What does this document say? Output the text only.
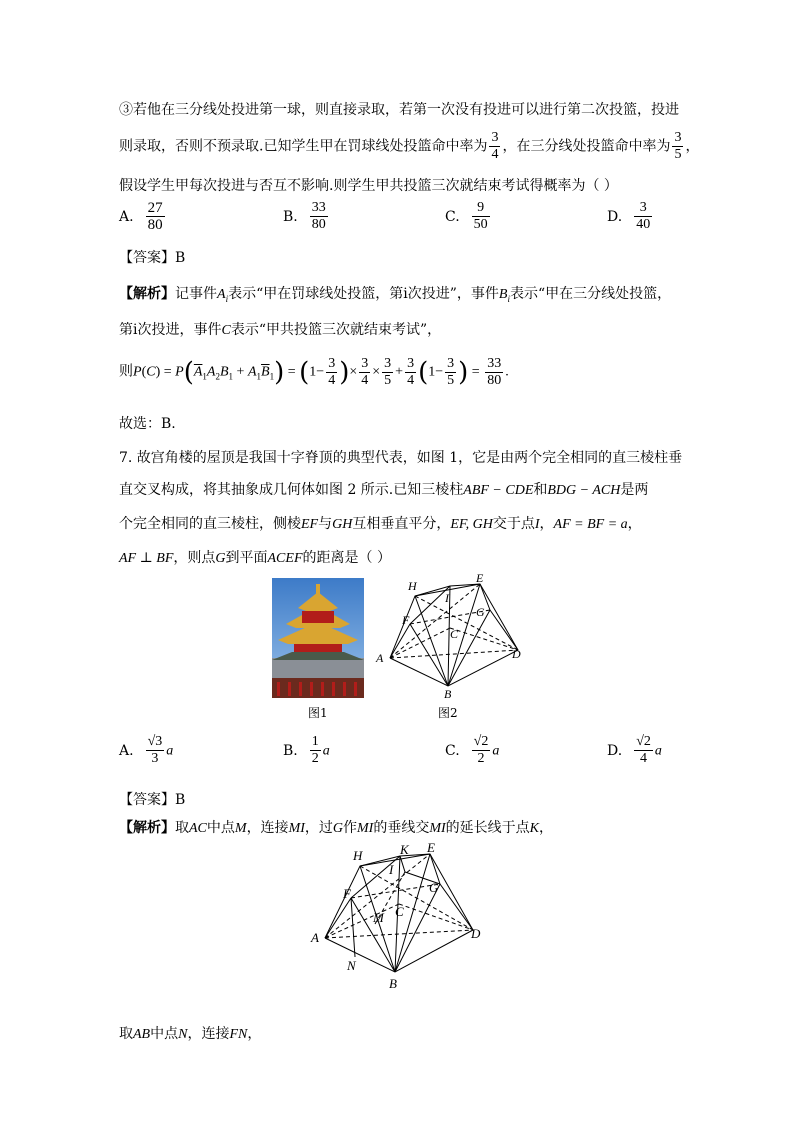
③若他在三分线处投进第一球，则直接录取，若第一次没有投进可以进行第二次投篮，投进
则录取，否则不预录取.已知学生甲在罚球线处投篮命中率为 $\frac{3}{4}$ ，在三分线处投篮命中率为 $\frac{3}{5}$ ，
假设学生甲每次投进与否互不影响.则学生甲共投篮三次就结束考试得概率为（ ）
A. $\frac{27}{80}$	B. $\frac{33}{80}$	C. $\frac{9}{50}$	D. $\frac{3}{40}$
【答案】B
【解析】记事件$A_i$表示“甲在罚球线处投篮，第i次投进”，事件$B_i$表示“甲在三分线处投篮，
第i次投进，事件C表示“甲共投篮三次就结束考试”，
则$P(C) = P(\overline{A}_1A_2B_1 + A_1\overline{B}_1) = (1- \frac{3}{4}$ )× $\frac{3}{4} \times \frac{3}{5} + \frac{3}{4} (1- \frac{3}{5}$ ) = $\frac{33}{80}$ .
故选：B.
7. 故宫角楼的屋顶是我国十字脊顶的典型代表，如图 1，它是由两个完全相同的直三棱柱垂
直交叉构成，将其抽象成几何体如图 2 所示.已知三棱柱ABF − CDE和BDG − ACH是两
个完全相同的直三棱柱，侧棱EF与GH互相垂直平分，EF, GH交于点I，AF = BF = a，
AF ⊥ BF，则点G到平面ACEF的距离是（ ）
图1
H
E
I
G
F
C
A	D
B
图2
A. $\frac{√3}{3}$ a	B. $\frac{1}{2}$ a	C. $\frac{√2}{2}$ a	D. $\frac{√2}{4}$ a
【答案】B
【解析】取AC中点M，连接MI，过G作MI的垂线交MI的延长线于点K，
H	K E
I
G
F
M C
A	D
N
B
取AB中点N，连接FN，
